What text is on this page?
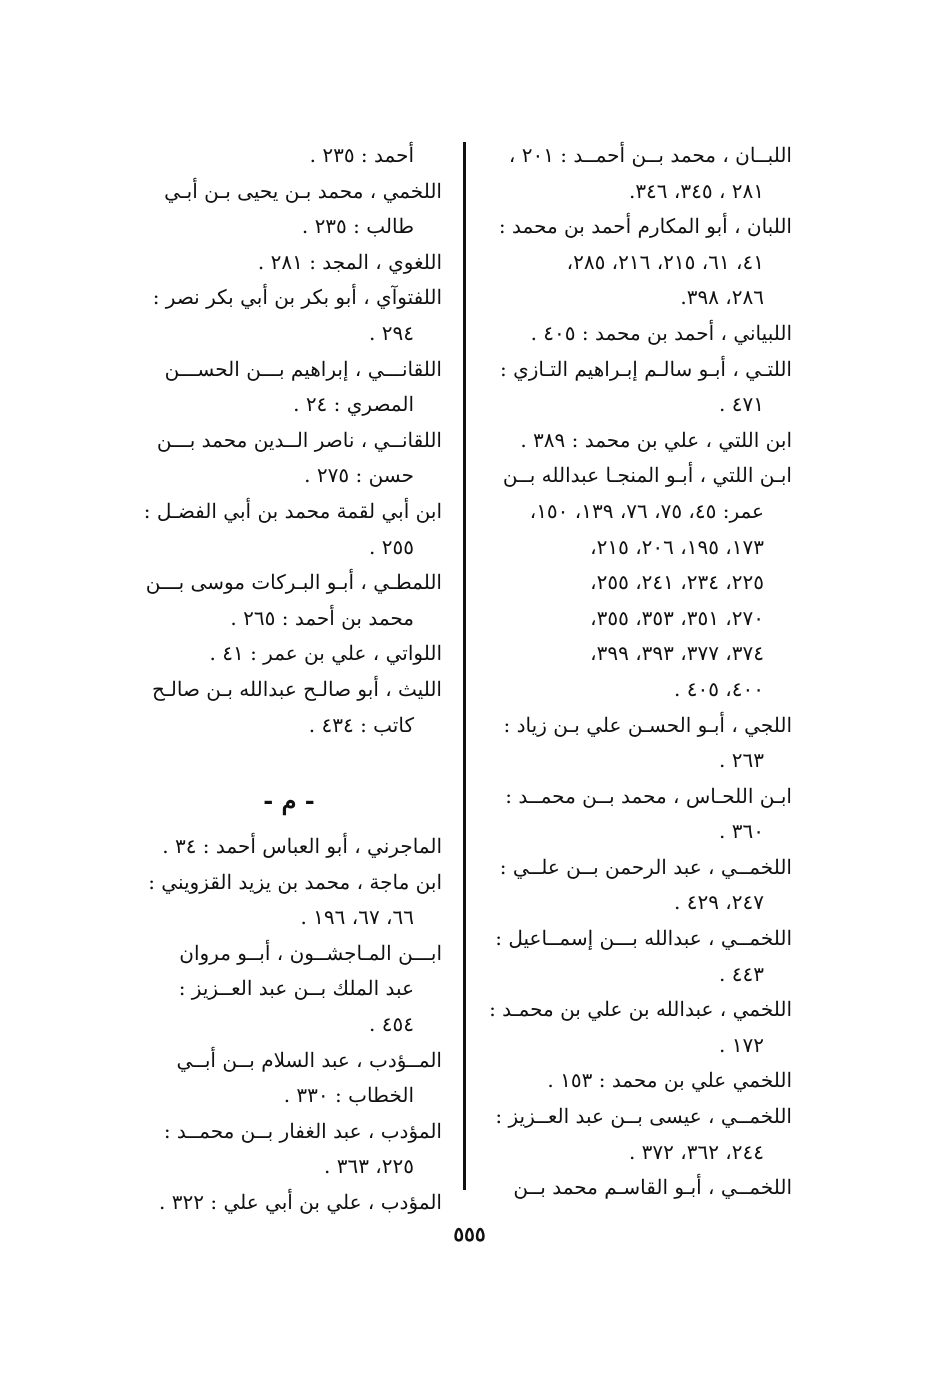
اللبــان ، محمد بــن أحمــد : ٢٠١ ،
٢٨١ ، ٣٤٥، ٣٤٦.
اللبان ، أبو المكارم أحمد بن محمد :
٤١، ٦١، ٢١٥، ٢١٦، ٢٨٥،
٢٨٦، ٣٩٨.
اللبياني ، أحمد بن محمد : ٤٠٥ .
اللتـي ، أبـو سالـم إبـراهيم التـازي :
٤٧١ .
ابن اللتي ، علي بن محمد : ٣٨٩ .
ابـن اللتي ، أبـو المنجـا عبدالله بــن
عمر: ٤٥، ٧٥، ٧٦، ١٣٩، ١٥٠،
١٧٣، ١٩٥، ٢٠٦، ٢١٥،
٢٢٥، ٢٣٤، ٢٤١، ٢٥٥،
٢٧٠، ٣٥١، ٣٥٣، ٣٥٥،
٣٧٤، ٣٧٧، ٣٩٣، ٣٩٩،
٤٠٠، ٤٠٥ .
اللجي ، أبـو الحسـن علي بـن زياد :
٢٦٣ .
ابـن اللحـاس ، محمد بــن محمــد :
٣٦٠ .
اللخمــي ، عبد الرحمن بــن علــي :
٢٤٧، ٤٢٩ .
اللخمــي ، عبدالله بـــن إسمــاعيل :
٤٤٣ .
اللخمي ، عبدالله بن علي بن محمـد :
١٧٢ .
اللخمي علي بن محمد : ١٥٣ .
اللخمــي ، عيسى بــن عبد العــزيز :
٢٤٤، ٣٦٢، ٣٧٢ .
اللخمــي ، أبـو القاسـم محمد بــن
أحمد : ٢٣٥ .
اللخمي ، محمد بـن يحيى بـن أبـي
طالب : ٢٣٥ .
اللغوي ، المجد : ٢٨١ .
اللفتوآي ، أبو بكر بن أبي بكر نصر :
٢٩٤ .
اللقانـــي ، إبراهيم بـــن الحســـن
المصري : ٢٤ .
اللقانــي ، ناصر الــدين محمد بـــن
حسن : ٢٧٥ .
ابن أبي لقمة محمد بن أبي الفضـل :
٢٥٥ .
اللمطـي ، أبـو البـركات موسى بـــن
محمد بن أحمد : ٢٦٥ .
اللواتي ، علي بن عمر : ٤١ .
الليث ، أبو صالـح عبدالله بـن صالـح
كاتب : ٤٣٤ .
- م -
الماجرني ، أبو العباس أحمد : ٣٤ .
ابن ماجة ، محمد بن يزيد القزويني :
٦٦، ٦٧، ١٩٦ .
ابـــن المـاجشــون ، أبــو مروان
عبد الملك بــن عبد العــزيز :
٤٥٤ .
المــؤدب ، عبد السلام بــن أبــي
الخطاب : ٣٣٠ .
المؤدب ، عبد الغفار بــن محمــد :
٢٢٥، ٣٦٣ .
المؤدب ، علي بن أبي علي : ٣٢٢ .
٥٥٥
